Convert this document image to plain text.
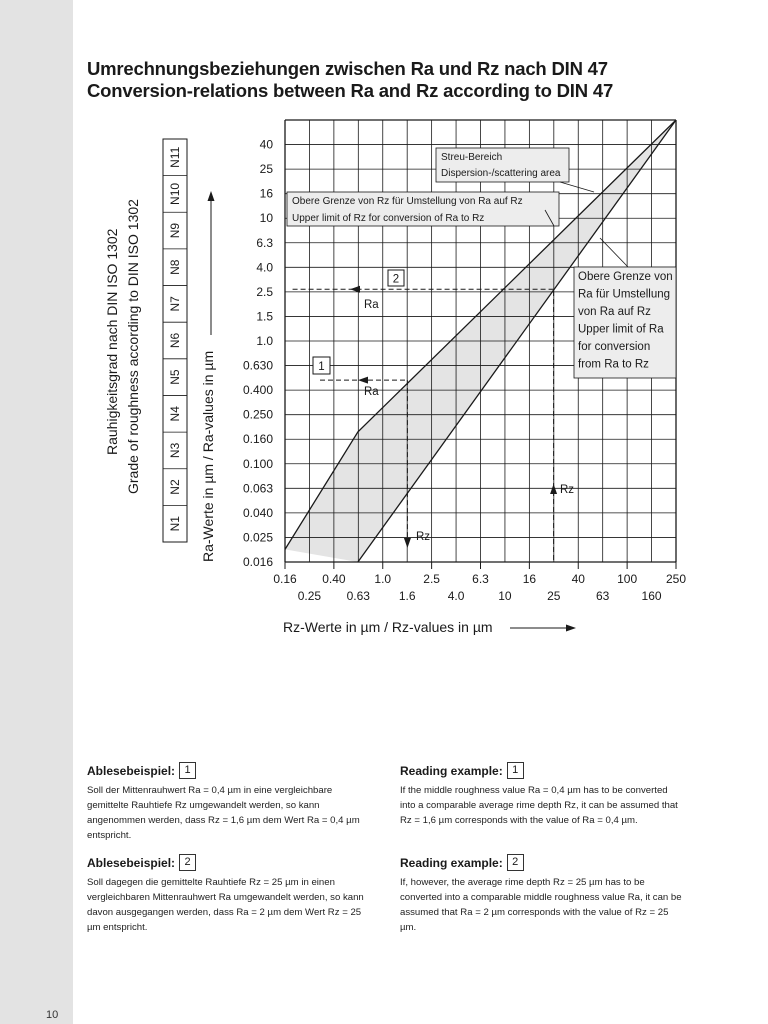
10
Umrechnungsbeziehungen zwischen Ra und Rz nach DIN 47
Conversion-relations between Ra and Rz according to DIN 47
Ra
Rz
1
Ra
Rz
2
Streu-Bereich
Dispersion-/scattering area
Obere Grenze von Rz für Umstellung von Ra auf Rz
Upper limit of Rz for conversion of Ra to Rz
Obere Grenze von
Ra für Umstellung
von Ra auf Rz
Upper limit of Ra
for conversion
from Ra to Rz
0.016
0.025
0.040
0.063
0.100
0.160
0.250
0.400
0.630
1.0
1.5
2.5
4.0
6.3
10
16
25
40
0.16 0.40 1.0	2.5	6.3	16	40	100 250
0.25 0.63 1.6	4.0	10	25	63	160
Rz-Werte in µm / Rz-values in µm
Ra-Werte in µm / Ra-values in µm
Rauhigkeitsgrad nach DIN ISO 1302 Grade of roughness according to DIN ISO 1302
N1
N2
N3
N4
N5
N6
N7
N8
N9
N10
N11
Ablesebeispiel: 1

Soll der Mittenrauhwert Ra = 0,4 µm in eine vergleichbare gemittelte Rauhtiefe Rz umgewandelt werden, so kann angenommen werden, dass Rz = 1,6 µm dem Wert Ra = 0,4 µm entspricht.

Reading example: 1

If the middle roughness value Ra = 0,4 µm has to be converted into a comparable average rime depth Rz, it can be assumed that Rz = 1,6 µm corresponds with the value of Ra = 0,4 µm.

Ablesebeispiel: 2

Soll dagegen die gemittelte Rauhtiefe Rz = 25 µm in einen vergleichbaren Mittenrauhwert Ra umgewandelt werden, so kann davon ausgegangen werden, dass Ra = 2 µm dem Wert Rz = 25 µm entspricht.

Reading example: 2

If, however, the average rime depth Rz = 25 µm has to be converted into a comparable middle roughness value Ra, it can be assumed that Ra = 2 µm corresponds with the value of Rz = 25 µm.
